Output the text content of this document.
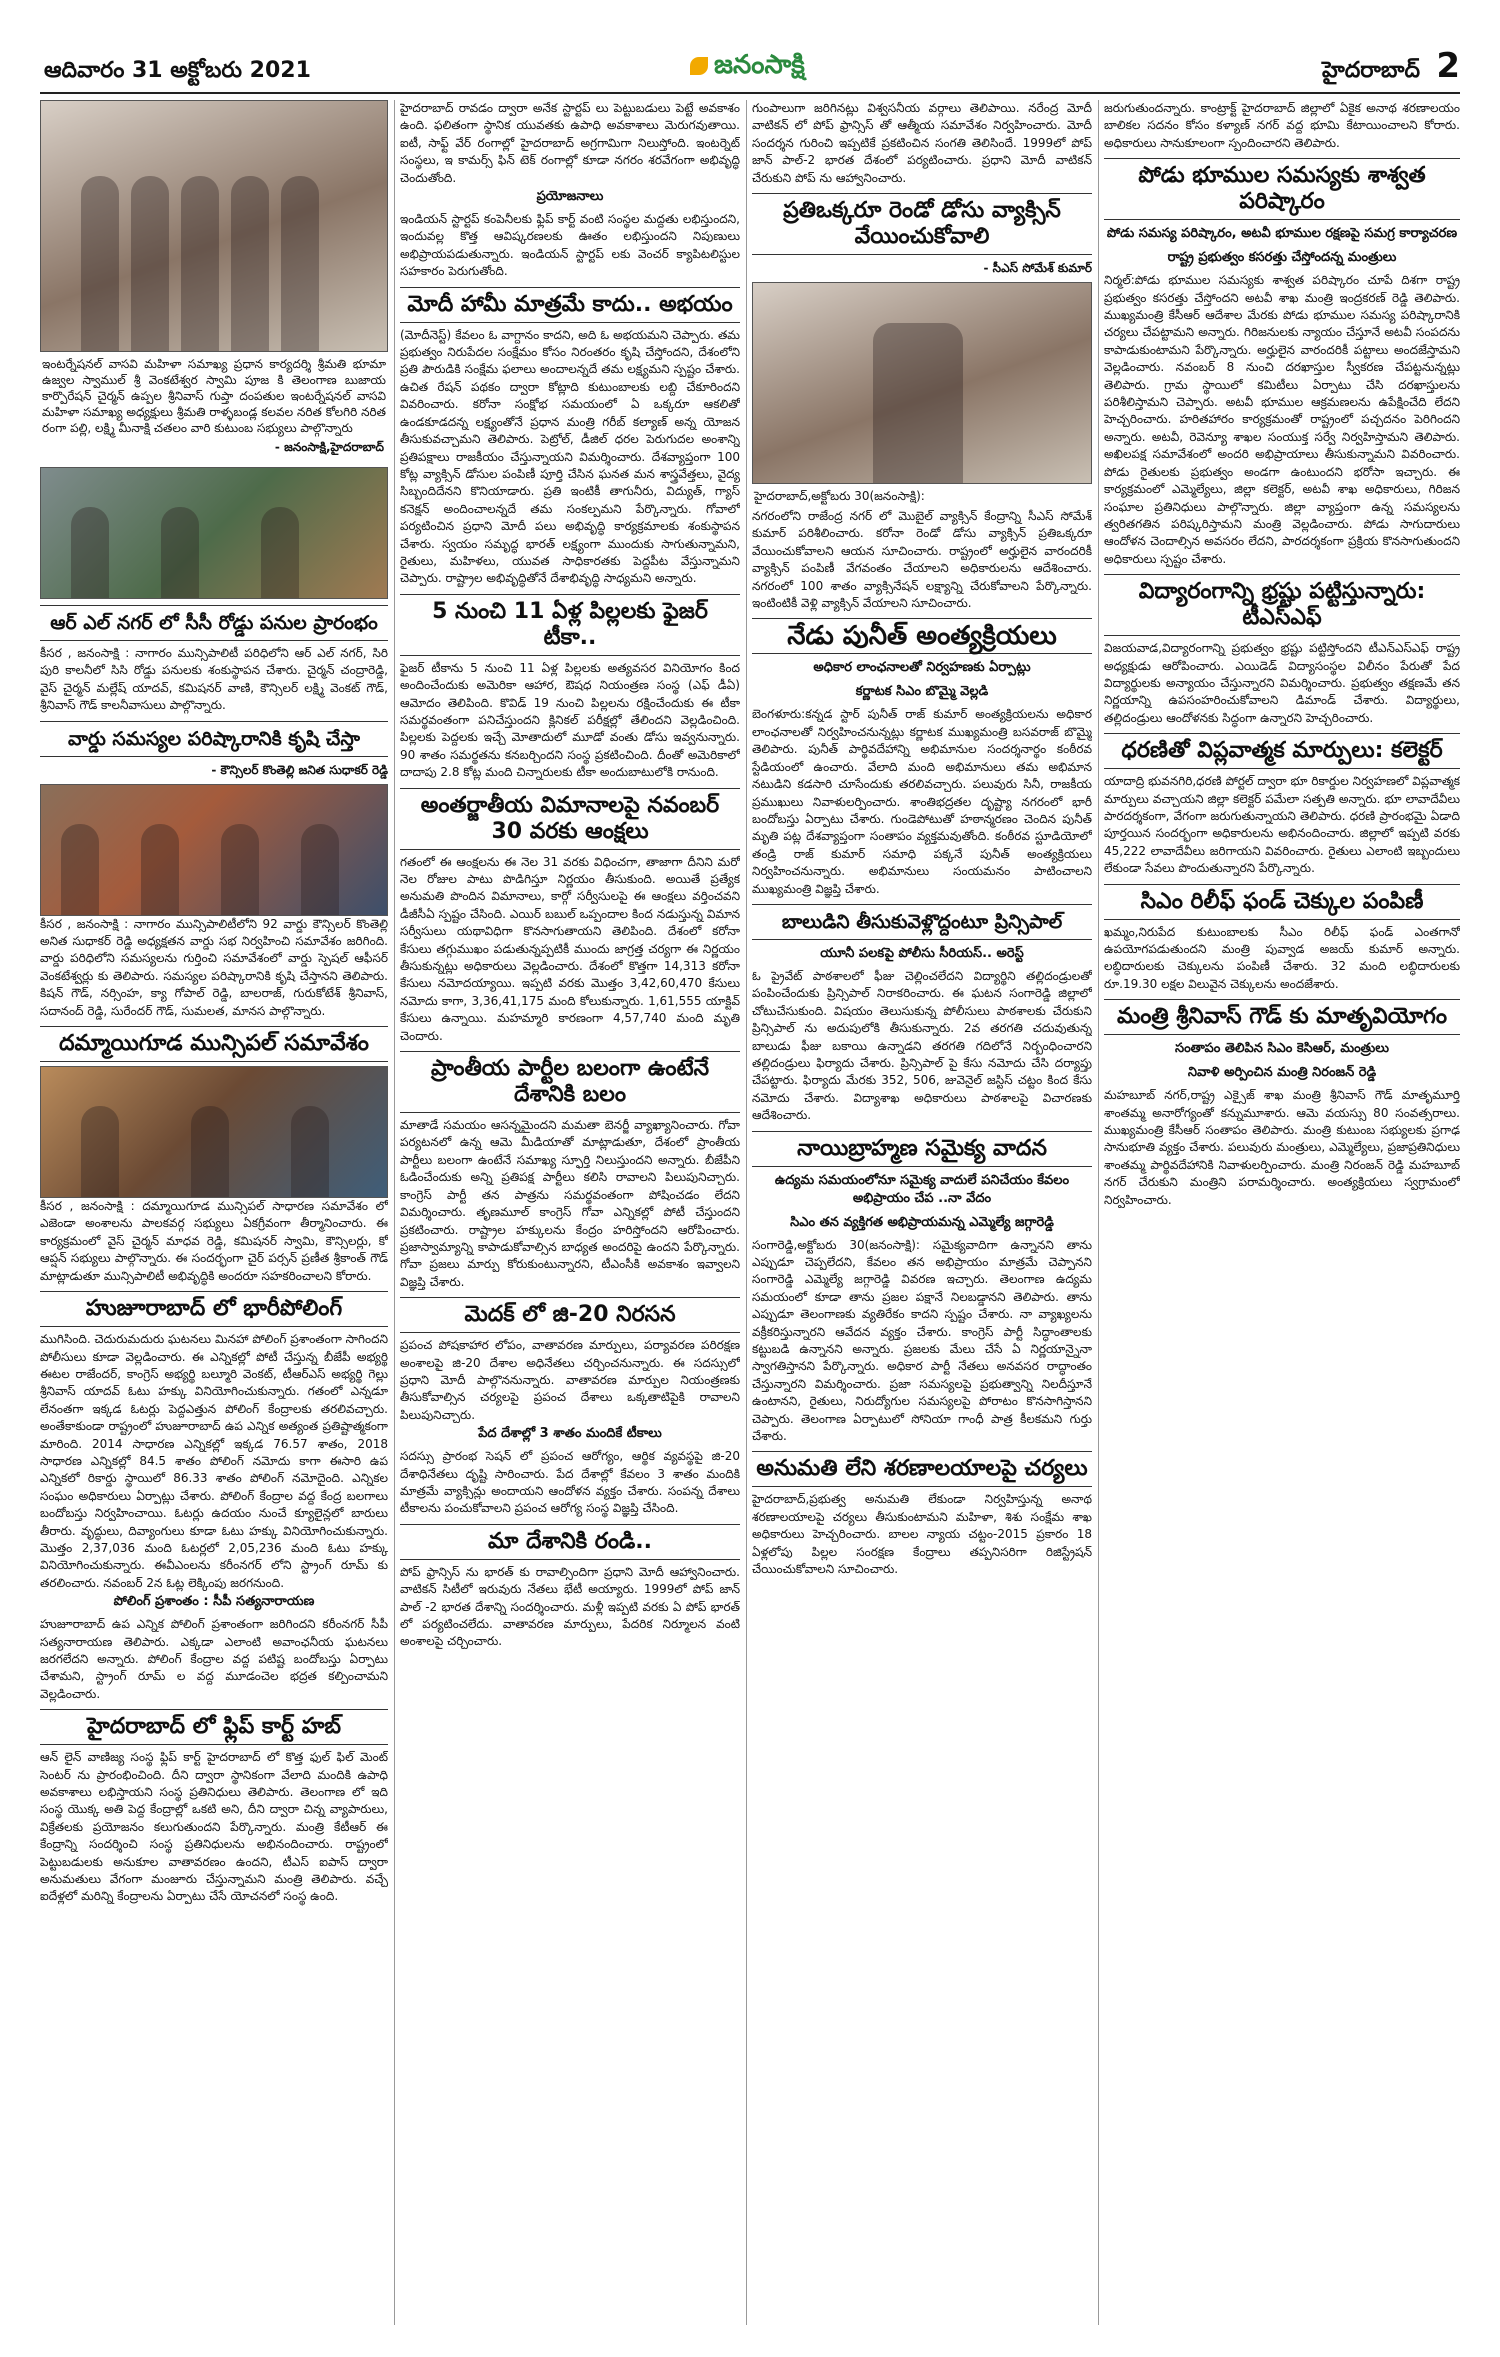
ఆదివారం 31 అక్టోబరు 2021	జనంసాక్షి	హైదరాబాద్ 2
ఇంటర్నేషనల్ వాసవి మహిళా సమాఖ్య ప్రధాన కార్యదర్శి శ్రీమతి భూమా ఉజ్వల స్వాముల్ శ్రీ వెంకటేశ్వర స్వామి పూజ కి తెలంగాణ బుజాయ కార్పొరేషన్ చైర్మన్ ఉప్పల శ్రీనివాస్ గుప్తా దంపతుల ఇంటర్నేషనల్ వాసవి మహిళా సమాఖ్య అధ్యక్షులు శ్రీమతి రాళ్ళబండ్ల కలవల నరిత కోలగిరి నరిత రంగా పల్లి, లక్ష్మి మీనాక్షి చతలం వారి కుటుంబ సభ్యులు పాల్గొన్నారు
- జనంసాక్షి,హైదరాబాద్
ఆర్ ఎల్ నగర్ లో సీసీ రోడ్డు పనుల ప్రారంభం
కీసర , జనంసాక్షి : నాగారం మున్సిపాలిటీ పరిధిలోని ఆర్ ఎల్ నగర్, సిరి పురి కాలనీలో సిసి రోడ్డు పనులకు శంకుస్థాపన చేశారు. చైర్మన్ చంద్రారెడ్డి, వైస్ చైర్మన్ మల్లేష్ యాదవ్, కమిషనర్ వాణి, కౌన్సిలర్ లక్ష్మి వెంకట్ గౌడ్, శ్రీనివాస్ గౌడ్ కాలనీవాసులు పాల్గొన్నారు.
వార్డు సమస్యల పరిష్కారానికి కృషి చేస్తా
- కౌన్సిలర్ కొంతెల్లి జనిత సుధాకర్ రెడ్డి
కీసర , జనంసాక్షి : నాగారం మున్సిపాలిటీలోని 92 వార్డు కౌన్సిలర్ కొంతెల్లి అనిత సుధాకర్ రెడ్డి అధ్యక్షతన వార్డు సభ నిర్వహించి సమావేశం జరిగింది. వార్డు పరిధిలోని సమస్యలను గుర్తించి సమావేశంలో వార్డు స్పెషల్ ఆఫీసర్ వెంకటేశ్వర్లు కు తెలిపారు. సమస్యల పరిష్కారానికి కృషి చేస్తానని తెలిపారు. కిషన్ గౌడ్, నర్సింహ, క్యా గోపాల్ రెడ్డి, బాలరాజ్, గురుకోటేశ్ శ్రీనివాస్, సదానంద్ రెడ్డి, సురేందర్ గౌడ్, సుమలత, మానస పాల్గొన్నారు.
దమ్మాయిగూడ మున్సిపల్ సమావేశం
కీసర , జనంసాక్షి : దమ్మాయిగూడ మున్సిపల్ సాధారణ సమావేశం లో ఎజెండా అంశాలను పాలకవర్గ సభ్యులు ఏకగ్రీవంగా తీర్మానించారు. ఈ కార్యక్రమంలో వైస్ చైర్మన్ మాధవ రెడ్డి, కమిషనర్ స్వామి, కౌన్సిలర్లు, కో ఆప్షన్ సభ్యులు పాల్గొన్నారు. ఈ సందర్భంగా చైర్ పర్సన్ ప్రణీత శ్రీకాంత్ గౌడ్ మాట్లాడుతూ మున్సిపాలిటీ అభివృద్ధికి అందరూ సహకరించాలని కోరారు.
హుజూరాబాద్ లో భారీపోలింగ్
ముగిసింది. చెదురుమదురు ఘటనలు మినహా పోలింగ్ ప్రశాంతంగా సాగిందని పోలీసులు కూడా వెల్లడించారు. ఈ ఎన్నికల్లో పోటీ చేస్తున్న బీజేపీ అభ్యర్థి ఈటల రాజేందర్, కాంగ్రెస్ అభ్యర్థి బల్మూరి వెంకట్, టీఆర్ఎస్ అభ్యర్థి గెల్లు శ్రీనివాస్ యాదవ్ ఓటు హక్కు వినియోగించుకున్నారు. గతంలో ఎన్నడూ లేనంతగా ఇక్కడ ఓటర్లు పెద్దఎత్తున పోలింగ్ కేంద్రాలకు తరలివచ్చారు. అంతేకాకుండా రాష్ట్రంలో హుజూరాబాద్ ఉప ఎన్నిక అత్యంత ప్రతిష్టాత్మకంగా మారింది. 2014 సాధారణ ఎన్నికల్లో ఇక్కడ 76.57 శాతం, 2018 సాధారణ ఎన్నికల్లో 84.5 శాతం పోలింగ్ నమోదు కాగా ఈసారి ఉప ఎన్నికలో రికార్డు స్థాయిలో 86.33 శాతం పోలింగ్ నమోదైంది. ఎన్నికల సంఘం అధికారులు ఏర్పాట్లు చేశారు. పోలింగ్ కేంద్రాల వద్ద కేంద్ర బలగాలు బందోబస్తు నిర్వహించాయి. ఓటర్లు ఉదయం నుంచే క్యూలైన్లలో బారులు తీరారు. వృద్ధులు, దివ్యాంగులు కూడా ఓటు హక్కు వినియోగించుకున్నారు. మొత్తం 2,37,036 మంది ఓటర్లలో 2,05,236 మంది ఓటు హక్కు వినియోగించుకున్నారు. ఈవీఎంలను కరీంనగర్ లోని స్ట్రాంగ్ రూమ్ కు తరలించారు. నవంబర్ 2న ఓట్ల లెక్కింపు జరగనుంది.
పోలింగ్ ప్రశాంతం : సీపీ సత్యనారాయణ
హుజూరాబాద్ ఉప ఎన్నిక పోలింగ్ ప్రశాంతంగా జరిగిందని కరీంనగర్ సీపీ సత్యనారాయణ తెలిపారు. ఎక్కడా ఎలాంటి అవాంఛనీయ ఘటనలు జరగలేదని అన్నారు. పోలింగ్ కేంద్రాల వద్ద పటిష్ట బందోబస్తు ఏర్పాటు చేశామని, స్ట్రాంగ్ రూమ్ ల వద్ద మూడంచెల భద్రత కల్పించామని వెల్లడించారు.
హైదరాబాద్ లో ఫ్లిప్ కార్ట్ హబ్
ఆన్ లైన్ వాణిజ్య సంస్థ ఫ్లిప్ కార్ట్ హైదరాబాద్ లో కొత్త ఫుల్ ఫిల్ మెంట్ సెంటర్ ను ప్రారంభించింది. దీని ద్వారా స్థానికంగా వేలాది మందికి ఉపాధి అవకాశాలు లభిస్తాయని సంస్థ ప్రతినిధులు తెలిపారు. తెలంగాణ లో ఇది సంస్థ యొక్క అతి పెద్ద కేంద్రాల్లో ఒకటి అని, దీని ద్వారా చిన్న వ్యాపారులు, విక్రేతలకు ప్రయోజనం కలుగుతుందని పేర్కొన్నారు. మంత్రి కేటీఆర్ ఈ కేంద్రాన్ని సందర్శించి సంస్థ ప్రతినిధులను అభినందించారు. రాష్ట్రంలో పెట్టుబడులకు అనుకూల వాతావరణం ఉందని, టీఎస్ ఐపాస్ ద్వారా అనుమతులు వేగంగా మంజూరు చేస్తున్నామని మంత్రి తెలిపారు. వచ్చే ఐదేళ్లలో మరిన్ని కేంద్రాలను ఏర్పాటు చేసే యోచనలో సంస్థ ఉంది.
హైదరాబాద్ రావడం ద్వారా అనేక స్టార్టప్ లు పెట్టుబడులు పెట్టే అవకాశం ఉంది. ఫలితంగా స్థానిక యువతకు ఉపాధి అవకాశాలు మెరుగవుతాయి. ఐటీ, సాఫ్ట్ వేర్ రంగాల్లో హైదరాబాద్ అగ్రగామిగా నిలుస్తోంది. ఇంటర్నెట్ సంస్థలు, ఇ కామర్స్ ఫిన్ టెక్ రంగాల్లో కూడా నగరం శరవేగంగా అభివృద్ధి చెందుతోంది.
ప్రయోజనాలు
ఇండియన్ స్టార్టప్ కంపెనీలకు ఫ్లిప్ కార్ట్ వంటి సంస్థల మద్దతు లభిస్తుందని, ఇందువల్ల కొత్త ఆవిష్కరణలకు ఊతం లభిస్తుందని నిపుణులు అభిప్రాయపడుతున్నారు. ఇండియన్ స్టార్టప్ లకు వెంచర్ క్యాపిటలిస్టుల సహకారం పెరుగుతోంది.
మోదీ హామీ మాత్రమే కాదు.. అభయం
(మోదీనెస్ట్) కేవలం ఓ వాగ్దానం కాదని, అది ఓ అభయమని చెప్పారు. తమ ప్రభుత్వం నిరుపేదల సంక్షేమం కోసం నిరంతరం కృషి చేస్తోందని, దేశంలోని ప్రతి పౌరుడికి సంక్షేమ ఫలాలు అందాలన్నదే తమ లక్ష్యమని స్పష్టం చేశారు. ఉచిత రేషన్ పథకం ద్వారా కోట్లాది కుటుంబాలకు లబ్ది చేకూరిందని వివరించారు. కరోనా సంక్షోభ సమయంలో ఏ ఒక్కరూ ఆకలితో ఉండకూడదన్న లక్ష్యంతోనే ప్రధాన మంత్రి గరీబ్ కల్యాణ్ అన్న యోజన తీసుకువచ్చామని తెలిపారు. పెట్రోల్, డీజిల్ ధరల పెరుగుదల అంశాన్ని ప్రతిపక్షాలు రాజకీయం చేస్తున్నాయని విమర్శించారు. దేశవ్యాప్తంగా 100 కోట్ల వ్యాక్సిన్ డోసుల పంపిణీ పూర్తి చేసిన ఘనత మన శాస్త్రవేత్తలు, వైద్య సిబ్బందిదేనని కొనియాడారు. ప్రతి ఇంటికీ తాగునీరు, విద్యుత్, గ్యాస్ కనెక్షన్ అందించాలన్నదే తమ సంకల్పమని పేర్కొన్నారు. గోవాలో పర్యటించిన ప్రధాని మోదీ పలు అభివృద్ధి కార్యక్రమాలకు శంకుస్థాపన చేశారు. స్వయం సమృద్ధ భారత్ లక్ష్యంగా ముందుకు సాగుతున్నామని, రైతులు, మహిళలు, యువత సాధికారతకు పెద్దపీట వేస్తున్నామని చెప్పారు. రాష్ట్రాల అభివృద్ధితోనే దేశాభివృద్ధి సాధ్యమని అన్నారు.
5 నుంచి 11 ఏళ్ల పిల్లలకు ఫైజర్ టీకా..
ఫైజర్ టీకాను 5 నుంచి 11 ఏళ్ల పిల్లలకు అత్యవసర వినియోగం కింద అందించేందుకు అమెరికా ఆహార, ఔషధ నియంత్రణ సంస్థ (ఎఫ్ డీఏ) ఆమోదం తెలిపింది. కొవిడ్ 19 నుంచి పిల్లలను రక్షించేందుకు ఈ టీకా సమర్థవంతంగా పనిచేస్తుందని క్లినికల్ పరీక్షల్లో తేలిందని వెల్లడించింది. పిల్లలకు పెద్దలకు ఇచ్చే మోతాదులో మూడో వంతు డోసు ఇవ్వనున్నారు. 90 శాతం సమర్థతను కనబర్చిందని సంస్థ ప్రకటించింది. దీంతో అమెరికాలో దాదాపు 2.8 కోట్ల మంది చిన్నారులకు టీకా అందుబాటులోకి రానుంది.
అంతర్జాతీయ విమానాలపై నవంబర్ 30 వరకు ఆంక్షలు
గతంలో ఈ ఆంక్షలను ఈ నెల 31 వరకు విధించగా, తాజాగా దీనిని మరో నెల రోజుల పాటు పొడిగిస్తూ నిర్ణయం తీసుకుంది. అయితే ప్రత్యేక అనుమతి పొందిన విమానాలు, కార్గో సర్వీసులపై ఈ ఆంక్షలు వర్తించవని డీజీసీఏ స్పష్టం చేసింది. ఎయిర్ బబుల్ ఒప్పందాల కింద నడుస్తున్న విమాన సర్వీసులు యథావిధిగా కొనసాగుతాయని తెలిపింది. దేశంలో కరోనా కేసులు తగ్గుముఖం పడుతున్నప్పటికీ ముందు జాగ్రత్త చర్యగా ఈ నిర్ణయం తీసుకున్నట్లు అధికారులు వెల్లడించారు. దేశంలో కొత్తగా 14,313 కరోనా కేసులు నమోదయ్యాయి. ఇప్పటి వరకు మొత్తం 3,42,60,470 కేసులు నమోదు కాగా, 3,36,41,175 మంది కోలుకున్నారు. 1,61,555 యాక్టివ్ కేసులు ఉన్నాయి. మహమ్మారి కారణంగా 4,57,740 మంది మృతి చెందారు.
ప్రాంతీయ పార్టీల బలంగా ఉంటేనే దేశానికి బలం
మాతాడే సమయం ఆసన్నమైందని మమతా బెనర్జీ వ్యాఖ్యానించారు. గోవా పర్యటనలో ఉన్న ఆమె మీడియాతో మాట్లాడుతూ, దేశంలో ప్రాంతీయ పార్టీలు బలంగా ఉంటేనే సమాఖ్య స్ఫూర్తి నిలుస్తుందని అన్నారు. బీజేపీని ఓడించేందుకు అన్ని ప్రతిపక్ష పార్టీలు కలిసి రావాలని పిలుపునిచ్చారు. కాంగ్రెస్ పార్టీ తన పాత్రను సమర్థవంతంగా పోషించడం లేదని విమర్శించారు. తృణమూల్ కాంగ్రెస్ గోవా ఎన్నికల్లో పోటీ చేస్తుందని ప్రకటించారు. రాష్ట్రాల హక్కులను కేంద్రం హరిస్తోందని ఆరోపించారు. ప్రజాస్వామ్యాన్ని కాపాడుకోవాల్సిన బాధ్యత అందరిపై ఉందని పేర్కొన్నారు. గోవా ప్రజలు మార్పు కోరుకుంటున్నారని, టీఎంసీకి అవకాశం ఇవ్వాలని విజ్ఞప్తి చేశారు.
మెదక్ లో జి-20 నిరసన
ప్రపంచ పోషకాహార లోపం, వాతావరణ మార్పులు, పర్యావరణ పరిరక్షణ అంశాలపై జి-20 దేశాల అధినేతలు చర్చించనున్నారు. ఈ సదస్సులో ప్రధాని మోదీ పాల్గొననున్నారు. వాతావరణ మార్పుల నియంత్రణకు తీసుకోవాల్సిన చర్యలపై ప్రపంచ దేశాలు ఒక్కతాటిపైకి రావాలని పిలుపునిచ్చారు.
పేద దేశాల్లో 3 శాతం మందికే టీకాలు
సదస్సు ప్రారంభ సెషన్ లో ప్రపంచ ఆరోగ్యం, ఆర్థిక వ్యవస్థపై జి-20 దేశాధినేతలు దృష్టి సారించారు. పేద దేశాల్లో కేవలం 3 శాతం మందికి మాత్రమే వ్యాక్సిన్లు అందాయని ఆందోళన వ్యక్తం చేశారు. సంపన్న దేశాలు టీకాలను పంచుకోవాలని ప్రపంచ ఆరోగ్య సంస్థ విజ్ఞప్తి చేసింది.
మా దేశానికి రండి..
పోప్ ఫ్రాన్సిస్ ను భారత్ కు రావాల్సిందిగా ప్రధాని మోదీ ఆహ్వానించారు. వాటికన్ సిటీలో ఇరువురు నేతలు భేటీ అయ్యారు. 1999లో పోప్ జాన్ పాల్ -2 భారత దేశాన్ని సందర్శించారు. మళ్లీ ఇప్పటి వరకు ఏ పోప్ భారత్ లో పర్యటించలేదు. వాతావరణ మార్పులు, పేదరిక నిర్మూలన వంటి అంశాలపై చర్చించారు.
గుంపాలుగా జరిగినట్లు విశ్వసనీయ వర్గాలు తెలిపాయి. నరేంద్ర మోదీ వాటికన్ లో పోప్ ఫ్రాన్సిస్ తో ఆత్మీయ సమావేశం నిర్వహించారు. మోదీ సందర్శన గురించి ఇప్పటికే ప్రకటించిన సంగతి తెలిసిందే. 1999లో పోప్ జాన్ పాల్-2 భారత దేశంలో పర్యటించారు. ప్రధాని మోదీ వాటికన్ చేరుకుని పోప్ ను ఆహ్వానించారు.
ప్రతిఒక్కరూ రెండో డోసు వ్యాక్సిన్ వేయించుకోవాలి
- సీఎస్ సోమేశ్ కుమార్
హైదరాబాద్,అక్టోబరు 30(జనంసాక్షి):
నగరంలోని రాజేంద్ర నగర్ లో మొబైల్ వ్యాక్సిన్ కేంద్రాన్ని సీఎస్ సోమేశ్ కుమార్ పరిశీలించారు. కరోనా రెండో డోసు వ్యాక్సిన్ ప్రతిఒక్కరూ వేయించుకోవాలని ఆయన సూచించారు. రాష్ట్రంలో అర్హులైన వారందరికీ వ్యాక్సిన్ పంపిణీ వేగవంతం చేయాలని అధికారులను ఆదేశించారు. నగరంలో 100 శాతం వ్యాక్సినేషన్ లక్ష్యాన్ని చేరుకోవాలని పేర్కొన్నారు. ఇంటింటికీ వెళ్లి వ్యాక్సిన్ వేయాలని సూచించారు.
నేడు పునీత్ అంత్యక్రియలు
అధికార లాంఛనాలతో నిర్వహణకు ఏర్పాట్లు
కర్ణాటక సిఎం బొమ్మై వెల్లడి
బెంగళూరు:కన్నడ స్టార్ పునీత్ రాజ్ కుమార్ అంత్యక్రియలను అధికార లాంఛనాలతో నిర్వహించనున్నట్లు కర్ణాటక ముఖ్యమంత్రి బసవరాజ్ బొమ్మై తెలిపారు. పునీత్ పార్థివదేహాన్ని అభిమానుల సందర్శనార్థం కంఠీరవ స్టేడియంలో ఉంచారు. వేలాది మంది అభిమానులు తమ అభిమాన నటుడిని కడసారి చూసేందుకు తరలివచ్చారు. పలువురు సినీ, రాజకీయ ప్రముఖులు నివాళులర్పించారు. శాంతిభద్రతల దృష్ట్యా నగరంలో భారీ బందోబస్తు ఏర్పాటు చేశారు. గుండెపోటుతో హఠాన్మరణం చెందిన పునీత్ మృతి పట్ల దేశవ్యాప్తంగా సంతాపం వ్యక్తమవుతోంది. కంఠీరవ స్టూడియోలో తండ్రి రాజ్ కుమార్ సమాధి పక్కనే పునీత్ అంత్యక్రియలు నిర్వహించనున్నారు. అభిమానులు సంయమనం పాటించాలని ముఖ్యమంత్రి విజ్ఞప్తి చేశారు.
బాలుడిని తీసుకువెళ్లొద్దంటూ ప్రిన్సిపాల్
యూనీ పలకపై పోలీసు సీరియస్.. అరెస్ట్
ఓ ప్రైవేట్ పాఠశాలలో ఫీజు చెల్లించలేదని విద్యార్థిని తల్లిదండ్రులతో పంపించేందుకు ప్రిన్సిపాల్ నిరాకరించారు. ఈ ఘటన సంగారెడ్డి జిల్లాలో చోటుచేసుకుంది. విషయం తెలుసుకున్న పోలీసులు పాఠశాలకు చేరుకుని ప్రిన్సిపాల్ ను అదుపులోకి తీసుకున్నారు. 2వ తరగతి చదువుతున్న బాలుడు ఫీజు బకాయి ఉన్నాడని తరగతి గదిలోనే నిర్బంధించారని తల్లిదండ్రులు ఫిర్యాదు చేశారు. ప్రిన్సిపాల్ పై కేసు నమోదు చేసి దర్యాప్తు చేపట్టారు. ఫిర్యాదు మేరకు 352, 506, జువెనైల్ జస్టిస్ చట్టం కింద కేసు నమోదు చేశారు. విద్యాశాఖ అధికారులు పాఠశాలపై విచారణకు ఆదేశించారు.
నాయిబ్రాహ్మణ సమైక్య వాదన
ఉద్యమ సమయంలోనూ సమైక్య వాదులే పనిచేయం కేవలం అభిప్రాయం చేప ..నా వేదం
సిఎం తన వ్యక్తిగత అభిప్రాయమన్న ఎమ్మెల్యే జగ్గారెడ్డి
సంగారెడ్డి,అక్టోబరు 30(జనంసాక్షి): సమైక్యవాదిగా ఉన్నానని తాను ఎప్పుడూ చెప్పలేదని, కేవలం తన అభిప్రాయం మాత్రమే చెప్పానని సంగారెడ్డి ఎమ్మెల్యే జగ్గారెడ్డి వివరణ ఇచ్చారు. తెలంగాణ ఉద్యమ సమయంలో కూడా తాను ప్రజల పక్షానే నిలబడ్డానని తెలిపారు. తాను ఎప్పుడూ తెలంగాణకు వ్యతిరేకం కాదని స్పష్టం చేశారు. నా వ్యాఖ్యలను వక్రీకరిస్తున్నారని ఆవేదన వ్యక్తం చేశారు. కాంగ్రెస్ పార్టీ సిద్ధాంతాలకు కట్టుబడి ఉన్నానని అన్నారు. ప్రజలకు మేలు చేసే ఏ నిర్ణయాన్నైనా స్వాగతిస్తానని పేర్కొన్నారు. అధికార పార్టీ నేతలు అనవసర రాద్ధాంతం చేస్తున్నారని విమర్శించారు. ప్రజా సమస్యలపై ప్రభుత్వాన్ని నిలదీస్తూనే ఉంటానని, రైతులు, నిరుద్యోగుల సమస్యలపై పోరాటం కొనసాగిస్తానని చెప్పారు. తెలంగాణ ఏర్పాటులో సోనియా గాంధీ పాత్ర కీలకమని గుర్తు చేశారు.
అనుమతి లేని శరణాలయాలపై చర్యలు
హైదరాబాద్,ప్రభుత్వ అనుమతి లేకుండా నిర్వహిస్తున్న అనాథ శరణాలయాలపై చర్యలు తీసుకుంటామని మహిళా, శిశు సంక్షేమ శాఖ అధికారులు హెచ్చరించారు. బాలల న్యాయ చట్టం-2015 ప్రకారం 18 ఏళ్లలోపు పిల్లల సంరక్షణ కేంద్రాలు తప్పనిసరిగా రిజిస్ట్రేషన్ చేయించుకోవాలని సూచించారు.
జరుగుతుందన్నారు. కాంట్రాక్ట్ హైదరాబాద్ జిల్లాలో ఏకైక అనాథ శరణాలయం బాలికల సదనం కోసం కళ్యాణ్ నగర్ వద్ద భూమి కేటాయించాలని కోరారు. అధికారులు సానుకూలంగా స్పందించారని తెలిపారు.
పోడు భూముల సమస్యకు శాశ్వత పరిష్కారం
పోడు సమస్య పరిష్కారం, అటవీ భూముల రక్షణపై సమగ్ర కార్యాచరణ
రాష్ట్ర ప్రభుత్వం కసరత్తు చేస్తోందన్న మంత్రులు
నిర్మల్:పోడు భూముల సమస్యకు శాశ్వత పరిష్కారం చూపే దిశగా రాష్ట్ర ప్రభుత్వం కసరత్తు చేస్తోందని అటవీ శాఖ మంత్రి ఇంద్రకరణ్ రెడ్డి తెలిపారు. ముఖ్యమంత్రి కేసీఆర్ ఆదేశాల మేరకు పోడు భూముల సమస్య పరిష్కారానికి చర్యలు చేపట్టామని అన్నారు. గిరిజనులకు న్యాయం చేస్తూనే అటవీ సంపదను కాపాడుకుంటామని పేర్కొన్నారు. అర్హులైన వారందరికీ పట్టాలు అందజేస్తామని వెల్లడించారు. నవంబర్ 8 నుంచి దరఖాస్తుల స్వీకరణ చేపట్టనున్నట్లు తెలిపారు. గ్రామ స్థాయిలో కమిటీలు ఏర్పాటు చేసి దరఖాస్తులను పరిశీలిస్తామని చెప్పారు. అటవీ భూముల ఆక్రమణలను ఉపేక్షించేది లేదని హెచ్చరించారు. హరితహారం కార్యక్రమంతో రాష్ట్రంలో పచ్చదనం పెరిగిందని అన్నారు. అటవీ, రెవెన్యూ శాఖల సంయుక్త సర్వే నిర్వహిస్తామని తెలిపారు. అఖిలపక్ష సమావేశంలో అందరి అభిప్రాయాలు తీసుకున్నామని వివరించారు. పోడు రైతులకు ప్రభుత్వం అండగా ఉంటుందని భరోసా ఇచ్చారు. ఈ కార్యక్రమంలో ఎమ్మెల్యేలు, జిల్లా కలెక్టర్, అటవీ శాఖ అధికారులు, గిరిజన సంఘాల ప్రతినిధులు పాల్గొన్నారు. జిల్లా వ్యాప్తంగా ఉన్న సమస్యలను త్వరితగతిన పరిష్కరిస్తామని మంత్రి వెల్లడించారు. పోడు సాగుదారులు ఆందోళన చెందాల్సిన అవసరం లేదని, పారదర్శకంగా ప్రక్రియ కొనసాగుతుందని అధికారులు స్పష్టం చేశారు.
విద్యారంగాన్ని భ్రష్టు పట్టిస్తున్నారు: టీఎస్ఎఫ్
విజయవాడ,విద్యారంగాన్ని ప్రభుత్వం భ్రష్టు పట్టిస్తోందని టీఎన్ఎస్ఎఫ్ రాష్ట్ర అధ్యక్షుడు ఆరోపించారు. ఎయిడెడ్ విద్యాసంస్థల విలీనం పేరుతో పేద విద్యార్థులకు అన్యాయం చేస్తున్నారని విమర్శించారు. ప్రభుత్వం తక్షణమే తన నిర్ణయాన్ని ఉపసంహరించుకోవాలని డిమాండ్ చేశారు. విద్యార్థులు, తల్లిదండ్రులు ఆందోళనకు సిద్ధంగా ఉన్నారని హెచ్చరించారు.
ధరణితో విప్లవాత్మక మార్పులు: కలెక్టర్
యాదాద్రి భువనగిరి,ధరణి పోర్టల్ ద్వారా భూ రికార్డుల నిర్వహణలో విప్లవాత్మక మార్పులు వచ్చాయని జిల్లా కలెక్టర్ పమేలా సత్పతి అన్నారు. భూ లావాదేవీలు పారదర్శకంగా, వేగంగా జరుగుతున్నాయని తెలిపారు. ధరణి ప్రారంభమై ఏడాది పూర్తయిన సందర్భంగా అధికారులను అభినందించారు. జిల్లాలో ఇప్పటి వరకు 45,222 లావాదేవీలు జరిగాయని వివరించారు. రైతులు ఎలాంటి ఇబ్బందులు లేకుండా సేవలు పొందుతున్నారని పేర్కొన్నారు.
సిఎం రిలీఫ్ ఫండ్ చెక్కుల పంపిణీ
ఖమ్మం,నిరుపేద కుటుంబాలకు సీఎం రిలీఫ్ ఫండ్ ఎంతగానో ఉపయోగపడుతుందని మంత్రి పువ్వాడ అజయ్ కుమార్ అన్నారు. లబ్ధిదారులకు చెక్కులను పంపిణీ చేశారు. 32 మంది లబ్ధిదారులకు రూ.19.30 లక్షల విలువైన చెక్కులను అందజేశారు.
మంత్రి శ్రీనివాస్ గౌడ్ కు మాతృవియోగం
సంతాపం తెలిపిన సిఎం కెసిఆర్, మంత్రులు
నివాళి అర్పించిన మంత్రి నిరంజన్ రెడ్డి
మహబూబ్ నగర్,రాష్ట్ర ఎక్సైజ్ శాఖ మంత్రి శ్రీనివాస్ గౌడ్ మాతృమూర్తి శాంతమ్మ అనారోగ్యంతో కన్నుమూశారు. ఆమె వయస్సు 80 సంవత్సరాలు. ముఖ్యమంత్రి కేసీఆర్ సంతాపం తెలిపారు. మంత్రి కుటుంబ సభ్యులకు ప్రగాఢ సానుభూతి వ్యక్తం చేశారు. పలువురు మంత్రులు, ఎమ్మెల్యేలు, ప్రజాప్రతినిధులు శాంతమ్మ పార్థివదేహానికి నివాళులర్పించారు. మంత్రి నిరంజన్ రెడ్డి మహబూబ్ నగర్ చేరుకుని మంత్రిని పరామర్శించారు. అంత్యక్రియలు స్వగ్రామంలో నిర్వహించారు.
